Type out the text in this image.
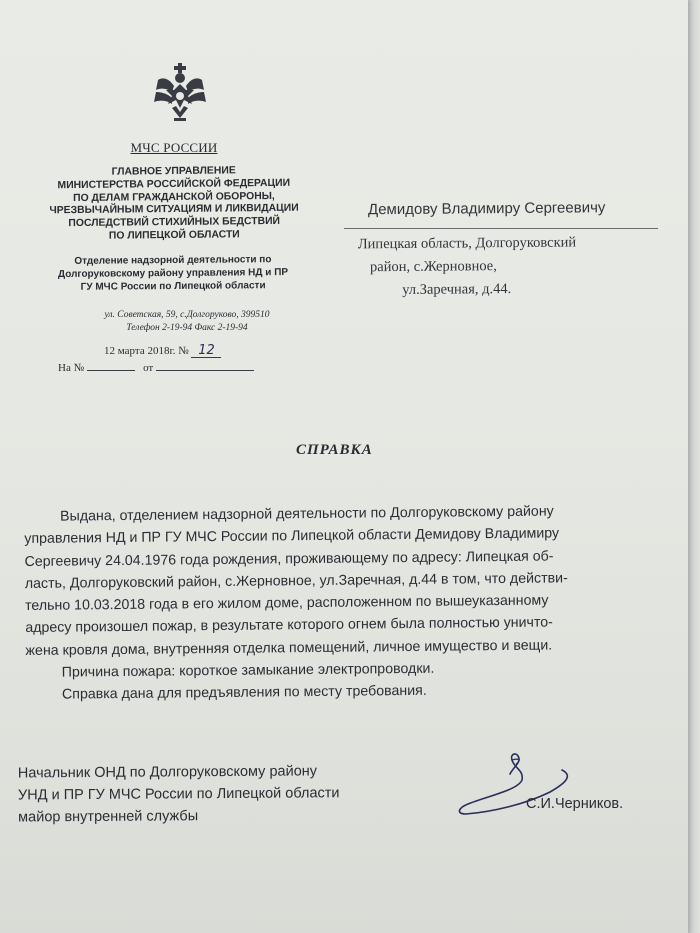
МЧС РОССИИ
ГЛАВНОЕ УПРАВЛЕНИЕ
МИНИСТЕРСТВА РОССИЙСКОЙ ФЕДЕРАЦИИ
ПО ДЕЛАМ ГРАЖДАНСКОЙ ОБОРОНЫ,
ЧРЕЗВЫЧАЙНЫМ СИТУАЦИЯМ И ЛИКВИДАЦИИ
ПОСЛЕДСТВИЙ СТИХИЙНЫХ БЕДСТВИЙ
ПО ЛИПЕЦКОЙ ОБЛАСТИ
Отделение надзорной деятельности по
Долгоруковскому району управления НД и ПР
ГУ МЧС России по Липецкой области
ул. Советская, 59, с.Долгоруково, 399510
Телефон 2-19-94 Факс 2-19-94
12 марта 2018г. № 12
На №	от
Демидову Владимиру Сергеевичу
Липецкая область, Долгоруковский
район, с.Жерновное,
ул.Заречная, д.44.
СПРАВКА
Выдана, отделением надзорной деятельности по Долгоруковскому району
управления НД и ПР ГУ МЧС России по Липецкой области Демидову Владимиру
Сергеевичу 24.04.1976 года рождения, проживающему по адресу: Липецкая об-
ласть, Долгоруковский район, с.Жерновное, ул.Заречная, д.44 в том, что действи-
тельно 10.03.2018 года в его жилом доме, расположенном по вышеуказанному
адресу произошел пожар, в результате которого огнем была полностью уничто-
жена кровля дома, внутренняя отделка помещений, личное имущество и вещи.
Причина пожара: короткое замыкание электропроводки.
Справка дана для предъявления по месту требования.
Начальник ОНД по Долгоруковскому району
УНД и ПР ГУ МЧС России по Липецкой области
майор внутренней службы
С.И.Черников.
